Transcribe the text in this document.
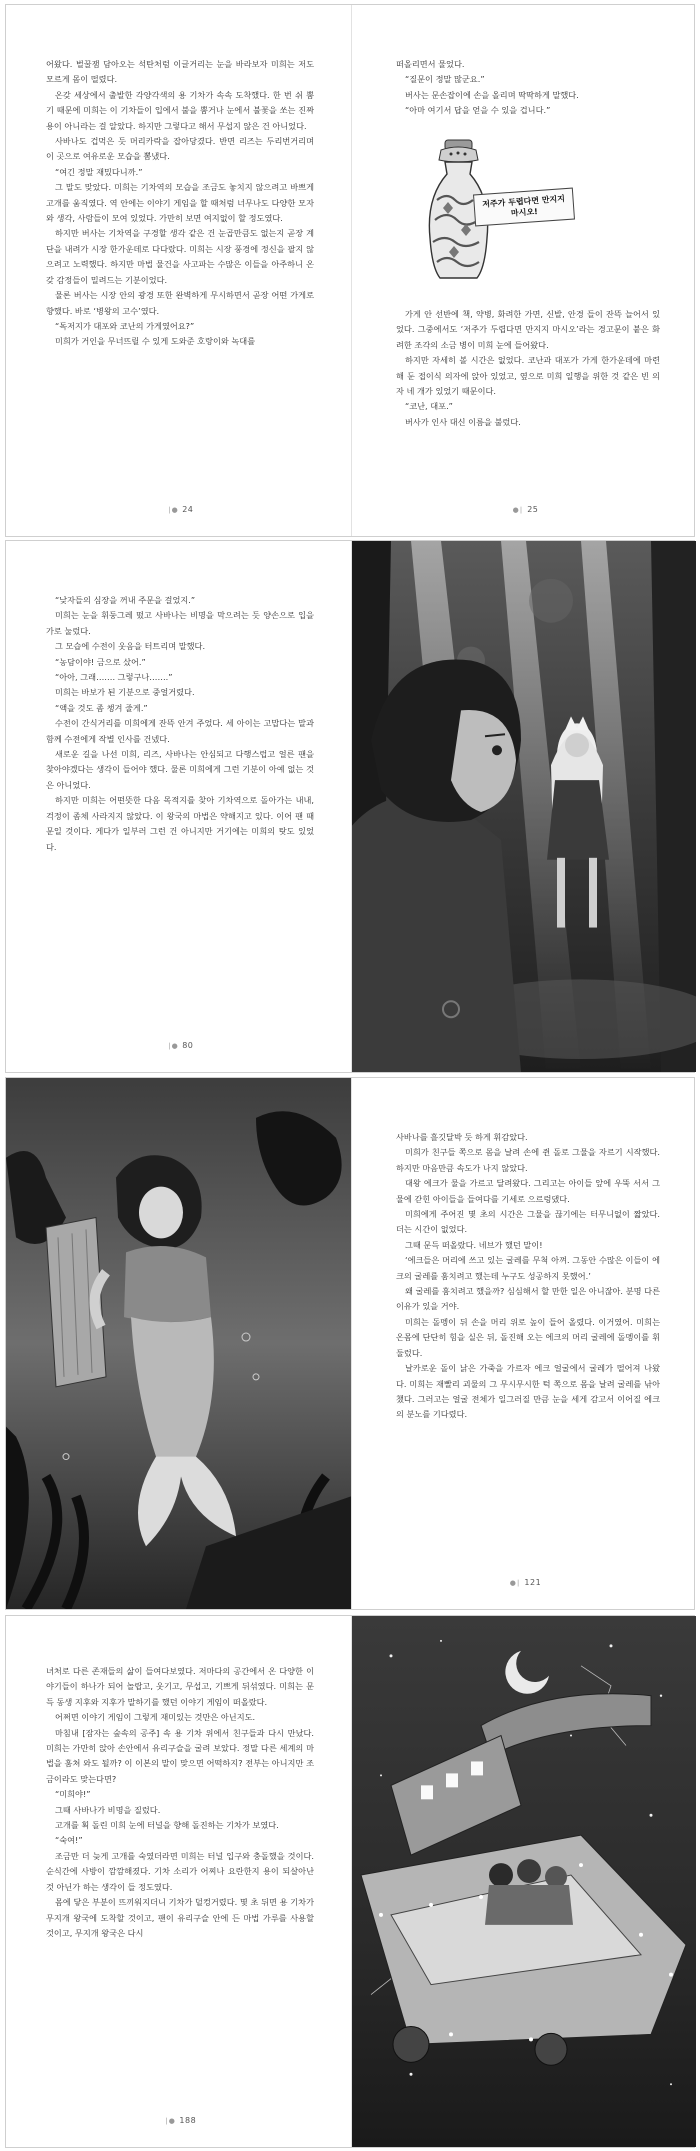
어왔다. 벌꿀잼 담아오는 석탄처럼 이글거리는 눈을 바라보자 미희는 저도 모르게 몸이 떨렸다.

온갖 세상에서 출발한 각양각색의 용 기차가 속속 도착했다. 한 번 쉬 뿜기 때문에 미희는 이 기차들이 입에서 불을 뿜거나 눈에서 불꽃을 쏘는 진짜 용이 아니라는 걸 알았다. 하지만 그렇다고 해서 무섭지 않은 건 아니었다.

사바나도 겁먹은 듯 머리카락을 잡아당겼다. 반면 리즈는 두리번거리며 이 곳으로 여유로운 모습을 뽐냈다.

“여긴 정말 재밌다니까.”

그 말도 맞았다. 미희는 기차역의 모습을 조금도 놓치지 않으려고 바쁘게 고개를 움직였다. 역 안에는 이야기 게임을 할 때처럼 너무나도 다양한 모자와 생각, 사람들이 모여 있었다. 가만히 보면 여지없이 할 정도였다.

하지만 버사는 기차역을 구경할 생각 같은 건 눈곱만큼도 없는지 곧장 계단을 내려가 시장 한가운데로 다다랐다. 미희는 시장 풍경에 정신을 팔지 않으려고 노력했다. 하지만 마법 물건을 사고파는 수많은 이들을 아주하니 온갖 감정들이 밀려드는 기분이었다.

물론 버사는 시장 안의 광경 또한 완벽하게 무시하면서 곧장 어떤 가게로 향했다. 바로 ‘병왕의 고수’였다.

“독저지가 대포와 코난의 가게였어요?”

미희가 거인을 무너뜨릴 수 있게 도와준 호랑이와 녹대를

∣● 24

떠올리면서 물었다.

“질문이 정말 많군요.”

버사는 문손잡이에 손을 올리며 딱딱하게 말했다.

“아마 여기서 답을 얻을 수 있을 겁니다.”

저주가 두렵다면 만지지 마시오!

가게 안 선반에 책, 약병, 화려한 가면, 신발, 안경 들이 잔뜩 늘어서 있었다. 그중에서도 ‘저주가 두렵다면 만지지 마시오’라는 경고문이 붙은 화려한 조각의 소금 병이 미희 눈에 들어왔다.

하지만 자세히 볼 시간은 없었다. 코난과 대포가 가게 한가운데에 마련해 둔 접이식 의자에 앉아 있었고, 옆으로 미희 일행을 위한 것 같은 빈 의자 네 개가 있었기 때문이다.

“코난, 대포.”

버사가 인사 대신 이름을 불렀다.

●∣ 25

“낮자들의 심장을 꺼내 주문을 걸었지.”

미희는 눈을 휘둥그레 떴고 사바나는 비명을 막으려는 듯 양손으로 입을 가로 눌렀다.

그 모습에 수전이 웃음을 터트리며 말했다.

“농담이야! 금으로 샀어.”

“아아, 그래……. 그렇구나…….”

미희는 바보가 된 기분으로 중얼거렸다.

“액을 것도 좀 챙겨 줄게.”

수전이 간식거리를 미희에게 잔뜩 안겨 주었다. 세 아이는 고맙다는 말과 함께 수전에게 작별 인사를 건넸다.

새로운 길을 나선 미희, 리즈, 사바나는 안심되고 다행스럽고 얼른 팬을 찾아야겠다는 생각이 들어야 했다. 물론 미희에게 그런 기분이 아예 없는 것은 아니었다.

하지만 미희는 어떤뜻한 다음 목적지를 찾아 기차역으로 돌아가는 내내, 걱정이 좀체 사라지지 않았다. 이 왕국의 마법은 약해지고 있다. 이어 팬 때문일 것이다. 게다가 일부러 그런 건 아니지만 거기에는 미희의 탓도 있었다.

∣● 80

사바나를 흘깃달박 듯 하게 휘감았다.

미희가 친구들 쪽으로 몸을 날려 손에 쥔 돌로 그물을 자르기 시작했다. 하지만 마음만큼 속도가 나지 않았다.

대왕 에크가 물을 가르고 달려왔다. 그리고는 아이들 앞에 우뚝 서서 그물에 갇힌 아이들을 들여다를 기세로 으르렁댔다.

미희에게 주어진 몇 초의 시간은 그물을 끊기에는 터무니없이 짧았다. 더는 시간이 없었다.

그때 문득 떠올랐다. 네브가 했던 말이!

‘에크들은 머리에 쓰고 있는 굴레를 무척 아껴. 그동안 수많은 이들이 에크의 굴레를 훔치려고 했는데 누구도 성공하지 못했어.’

왜 굴레를 훔치려고 했을까? 심심해서 할 만한 일은 아니잖아. 분명 다른 이유가 있을 거야.

미희는 돌멩이 뒤 손을 머리 위로 높이 들어 올렸다. 이거였어. 미희는 온몸에 단단히 힘을 실은 뒤, 돌진해 오는 에크의 머리 굴레에 돌멩이를 휘둘렀다.

날카로운 돌이 낡은 가죽을 가르자 에크 얼굴에서 굴레가 떨어져 나왔다. 미희는 재빨리 괴물의 그 무시무시한 턱 쪽으로 몸을 날려 굴레를 낚아챘다. 그러고는 얼굴 전체가 일그러질 만큼 눈을 세게 감고서 이어질 에크의 분노를 기다렸다.

●∣ 121

녀처로 다른 존재들의 삶이 들여다보였다. 저마다의 공간에서 온 다양한 이야기들이 하나가 되어 놀랍고, 웃기고, 무섭고, 기쁘게 뒤섞였다. 미희는 문득 동생 지후와 지후가 말하기를 했던 이야기 게임이 떠올랐다.

어쩌면 이야기 게임이 그렇게 재미있는 것만은 아닌지도.

마침내 [잠자는 숲속의 공주] 속 용 기차 위에서 친구들과 다시 만났다. 미희는 가만히 앉아 손안에서 유리구슬을 굴려 보았다. 정말 다른 세계의 마법을 훔쳐 와도 될까? 이 이본의 말이 맞으면 어떡하지? 전부는 아니지만 조금이라도 맞는다면?

“미희야!”

그때 사바나가 비명을 질렀다.

고개를 획 돌린 미희 눈에 터널을 향해 돌진하는 기차가 보였다.

“숙여!”

조금만 더 늦게 고개를 숙였더라면 미희는 터널 입구와 충돌했을 것이다. 순식간에 사방이 깜깜해졌다. 기차 소리가 어찌나 요란한지 용이 되살아난 것 아닌가 하는 생각이 들 정도였다.

몸에 닿은 부분이 뜨끼워지더니 기차가 덜컹거렸다. 몇 초 뒤면 용 기차가 무지개 왕국에 도착할 것이고, 팬이 유리구슬 안에 든 마법 가루를 사용할 것이고, 무지개 왕국은 다시

∣● 188
